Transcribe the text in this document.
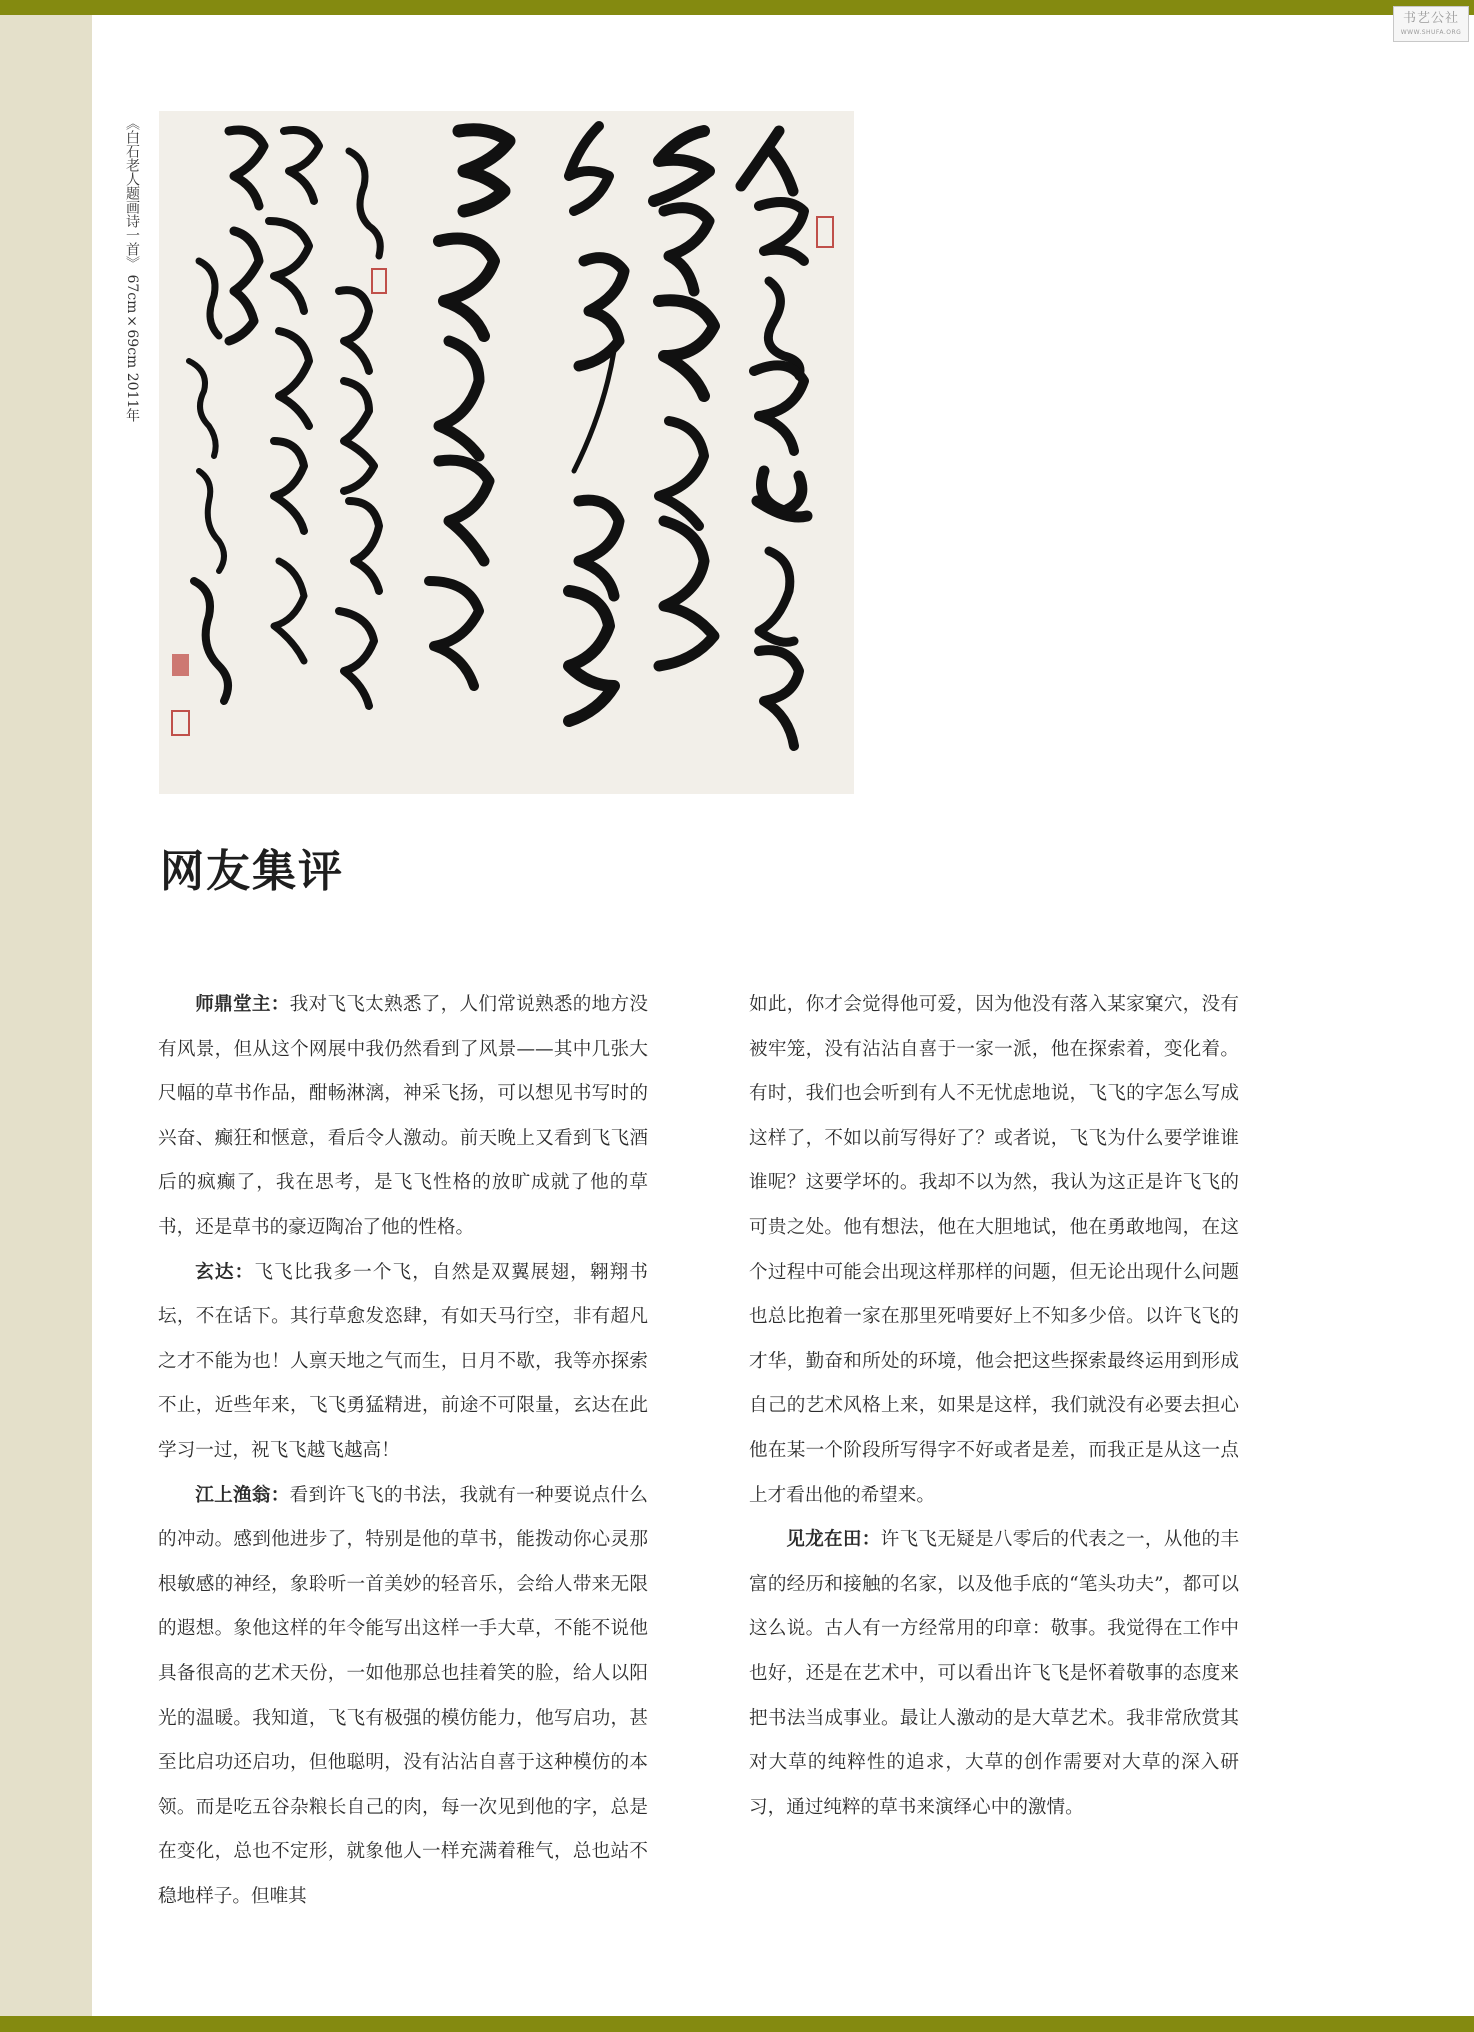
书艺公社
WWW.SHUFA.ORG
《白石老人题画诗一首》 67cm×69cm 2011年
网友集评

师鼎堂主：我对飞飞太熟悉了，人们常说熟悉的地方没有风景，但从这个网展中我仍然看到了风景——其中几张大尺幅的草书作品，酣畅淋漓，神采飞扬，可以想见书写时的兴奋、癫狂和惬意，看后令人激动。前天晚上又看到飞飞酒后的疯癫了，我在思考，是飞飞性格的放旷成就了他的草书，还是草书的豪迈陶冶了他的性格。

玄达：飞飞比我多一个飞，自然是双翼展翅，翱翔书坛，不在话下。其行草愈发恣肆，有如天马行空，非有超凡之才不能为也！人禀天地之气而生，日月不歇，我等亦探索不止，近些年来，飞飞勇猛精进，前途不可限量，玄达在此学习一过，祝飞飞越飞越高！

江上渔翁：看到许飞飞的书法，我就有一种要说点什么的冲动。感到他进步了，特别是他的草书，能拨动你心灵那根敏感的神经，象聆听一首美妙的轻音乐，会给人带来无限的遐想。象他这样的年令能写出这样一手大草，不能不说他具备很高的艺术天份，一如他那总也挂着笑的脸，给人以阳光的温暖。我知道，飞飞有极强的模仿能力，他写启功，甚至比启功还启功，但他聪明，没有沾沾自喜于这种模仿的本领。而是吃五谷杂粮长自己的肉，每一次见到他的字，总是在变化，总也不定形，就象他人一样充满着稚气，总也站不稳地样子。但唯其

如此，你才会觉得他可爱，因为他没有落入某家窠穴，没有被牢笼，没有沾沾自喜于一家一派，他在探索着，变化着。有时，我们也会听到有人不无忧虑地说，飞飞的字怎么写成这样了，不如以前写得好了？或者说，飞飞为什么要学谁谁谁呢？这要学坏的。我却不以为然，我认为这正是许飞飞的可贵之处。他有想法，他在大胆地试，他在勇敢地闯，在这个过程中可能会出现这样那样的问题，但无论出现什么问题也总比抱着一家在那里死啃要好上不知多少倍。以许飞飞的才华，勤奋和所处的环境，他会把这些探索最终运用到形成自己的艺术风格上来，如果是这样，我们就没有必要去担心他在某一个阶段所写得字不好或者是差，而我正是从这一点上才看出他的希望来。

见龙在田：许飞飞无疑是八零后的代表之一，从他的丰富的经历和接触的名家，以及他手底的“笔头功夫”，都可以这么说。古人有一方经常用的印章：敬事。我觉得在工作中也好，还是在艺术中，可以看出许飞飞是怀着敬事的态度来把书法当成事业。最让人激动的是大草艺术。我非常欣赏其对大草的纯粹性的追求，大草的创作需要对大草的深入研习，通过纯粹的草书来演绎心中的激情。
